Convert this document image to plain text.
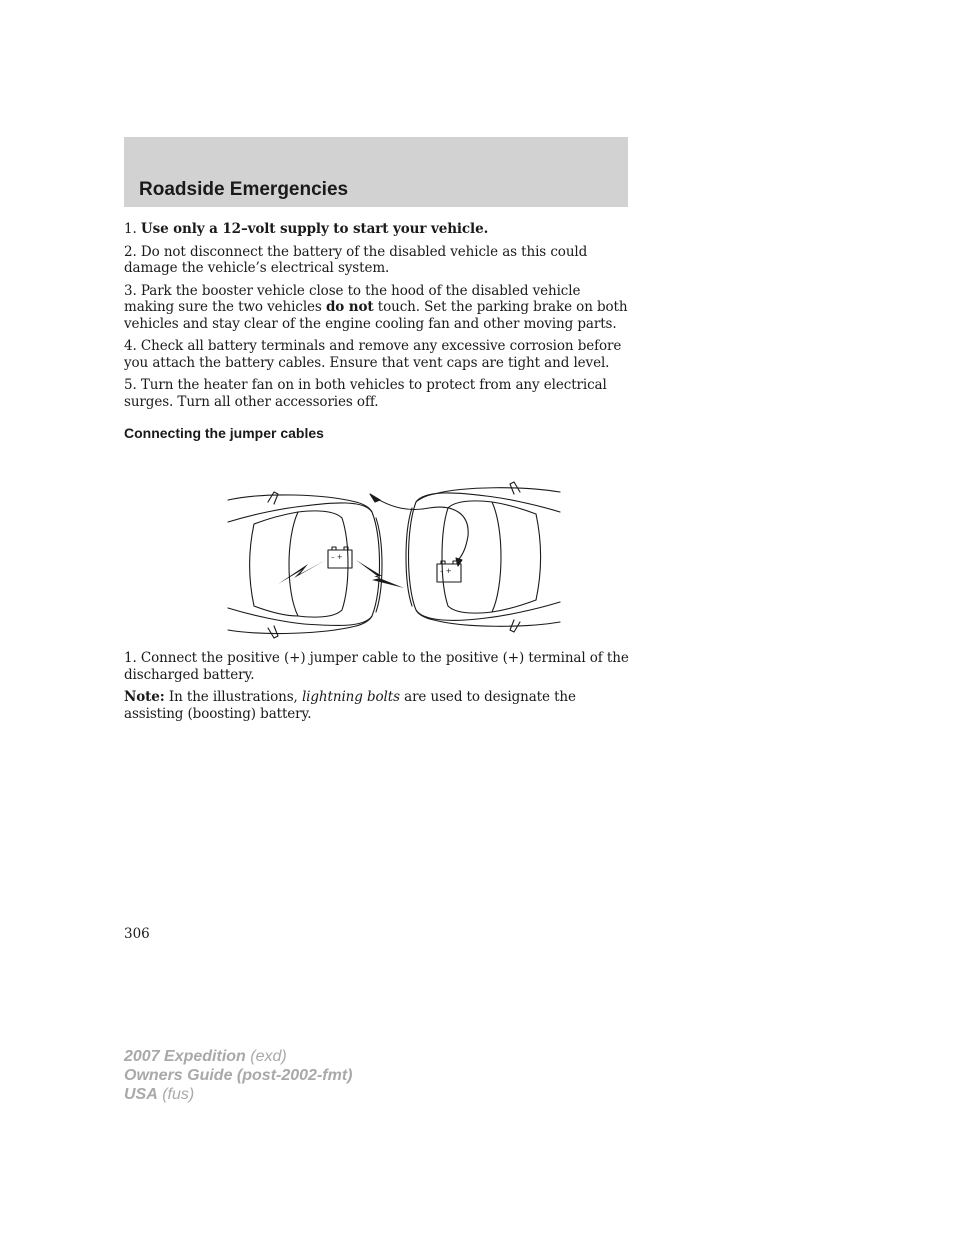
Roadside Emergencies

1. Use only a 12–volt supply to start your vehicle.

2. Do not disconnect the battery of the disabled vehicle as this could damage the vehicle’s electrical system.

3. Park the booster vehicle close to the hood of the disabled vehicle making sure the two vehicles do not touch. Set the parking brake on both vehicles and stay clear of the engine cooling fan and other moving parts.

4. Check all battery terminals and remove any excessive corrosion before you attach the battery cables. Ensure that vent caps are tight and level.

5. Turn the heater fan on in both vehicles to protect from any electrical surges. Turn all other accessories off.

Connecting the jumper cables
– +
– +

1. Connect the positive (+) jumper cable to the positive (+) terminal of the discharged battery.

Note: In the illustrations, lightning bolts are used to designate the assisting (boosting) battery.

306
2007 Expedition (exd)
Owners Guide (post-2002-fmt)
USA (fus)
